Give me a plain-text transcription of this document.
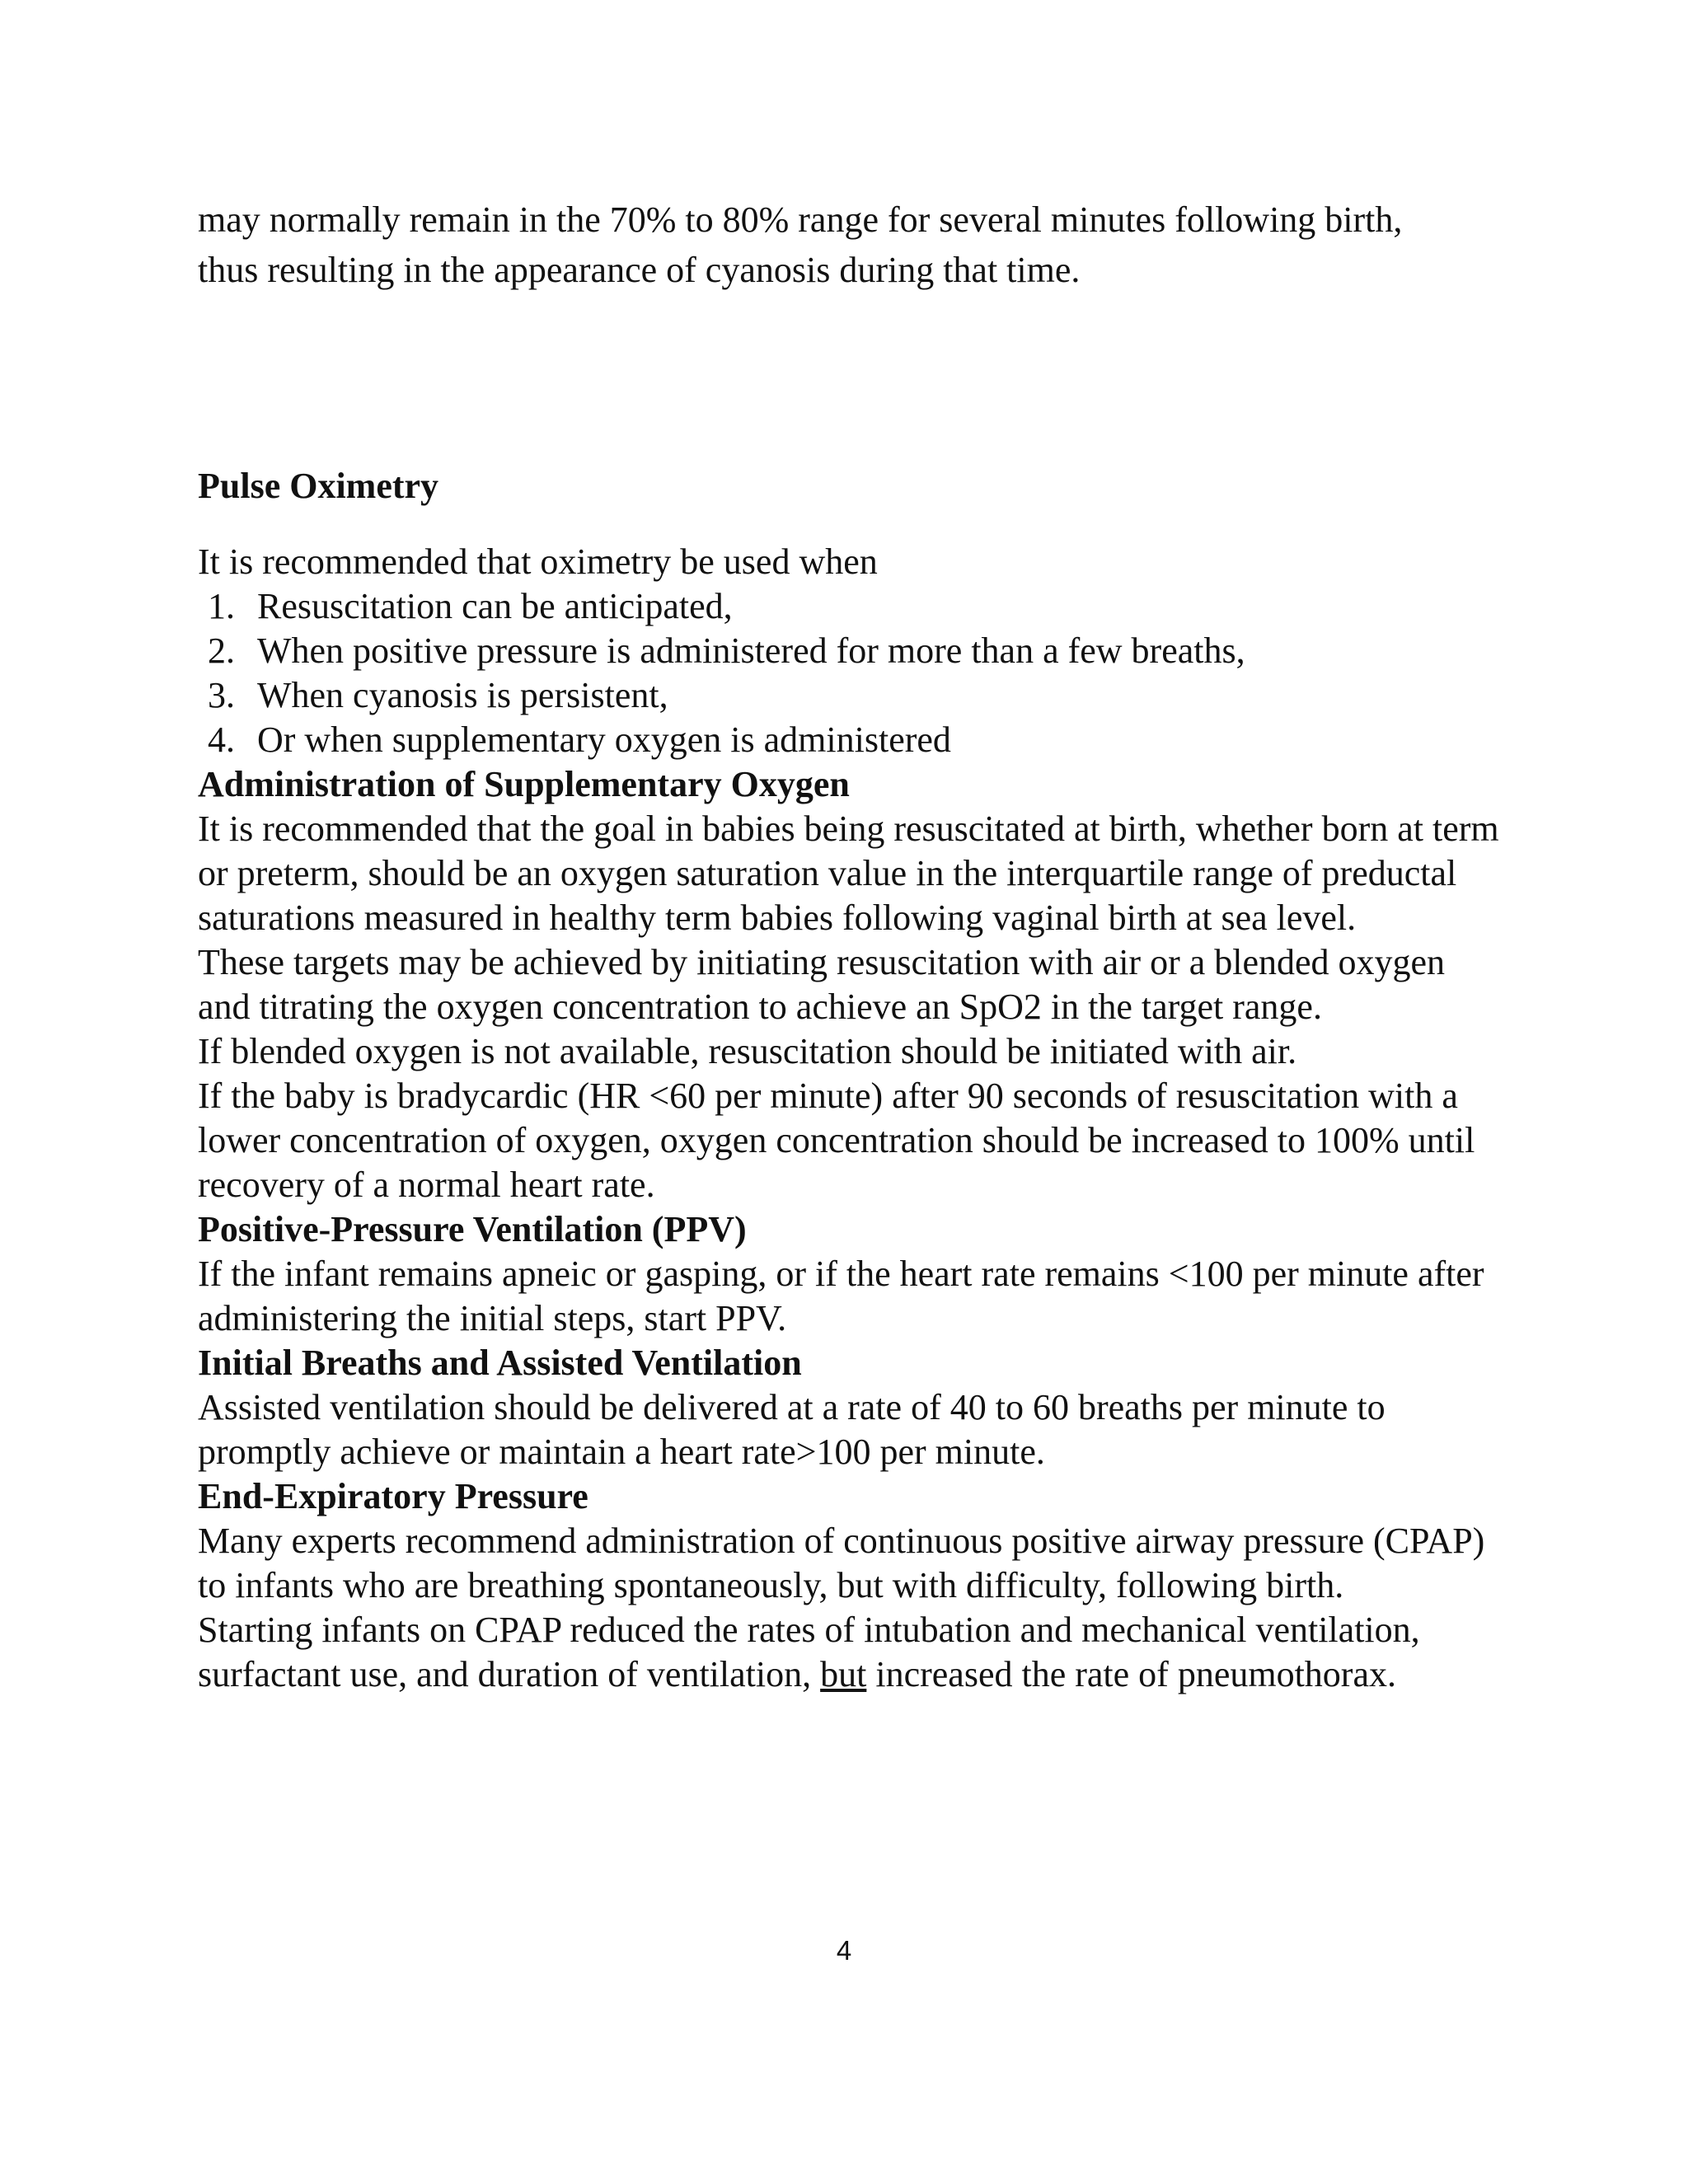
may normally remain in the 70% to 80% range for several minutes following birth,
thus resulting in the appearance of cyanosis during that time.

Pulse Oximetry

It is recommended that oximetry be used when

1. Resuscitation can be anticipated,
2. When positive pressure is administered for more than a few breaths,
3. When cyanosis is persistent,
4. Or when supplementary oxygen is administered
Administration of Supplementary Oxygen

It is recommended that the goal in babies being resuscitated at birth, whether born at term or preterm, should be an oxygen saturation value in the interquartile range of preductal saturations measured in healthy term babies following vaginal birth at sea level.

These targets may be achieved by initiating resuscitation with air or a blended oxygen and titrating the oxygen concentration to achieve an SpO2 in the target range.

If blended oxygen is not available, resuscitation should be initiated with air.

If the baby is bradycardic (HR <60 per minute) after 90 seconds of resuscitation with a lower concentration of oxygen, oxygen concentration should be increased to 100% until recovery of a normal heart rate.

Positive-Pressure Ventilation (PPV)

If the infant remains apneic or gasping, or if the heart rate remains <100 per minute after administering the initial steps, start PPV.

Initial Breaths and Assisted Ventilation

Assisted ventilation should be delivered at a rate of 40 to 60 breaths per minute to promptly achieve or maintain a heart rate>100 per minute.

End-Expiratory Pressure

Many experts recommend administration of continuous positive airway pressure (CPAP) to infants who are breathing spontaneously, but with difficulty, following birth.

Starting infants on CPAP reduced the rates of intubation and mechanical ventilation, surfactant use, and duration of ventilation, but increased the rate of pneumothorax.

4
